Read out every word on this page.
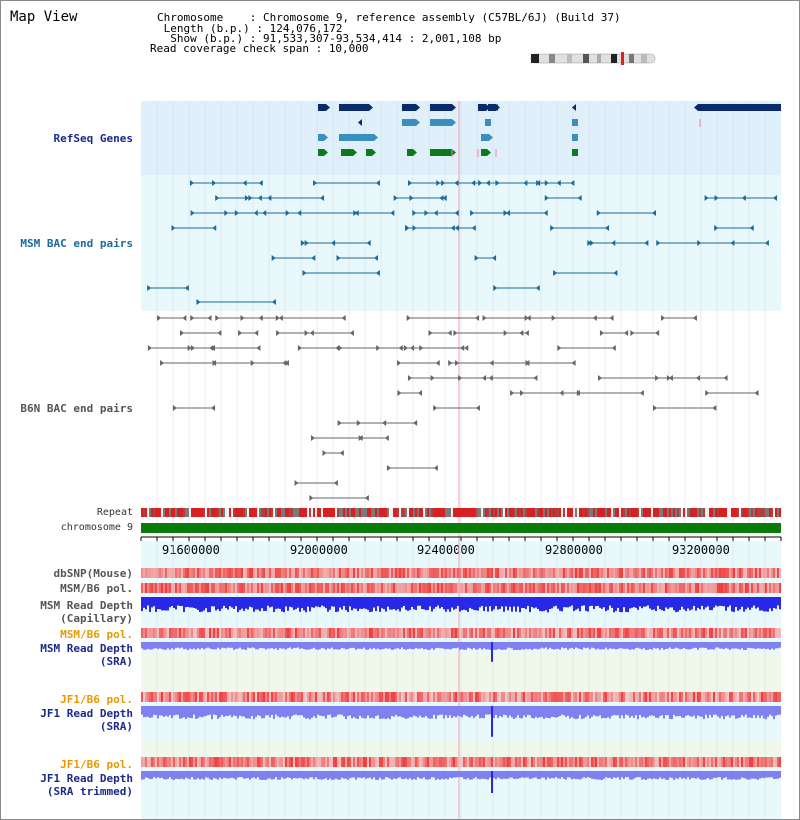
Map View	Chromosome    : Chromosome 9, reference assembly (C57BL/6J) (Build 37)
Length (b.p.) : 124,076,172
Show (b.p.) : 91,533,307-93,534,414 : 2,001,108 bp
Read coverage check span : 10,000
RefSeq Genes
MSM BAC end pairs
B6N BAC end pairs
Repeat
chromosome 9
dbSNP(Mouse)
MSM/B6 pol.
MSM Read Depth
(Capillary)
MSM/B6 pol.
MSM Read Depth
(SRA)
JF1/B6 pol.
JF1 Read Depth
(SRA)
JF1/B6 pol.
JF1 Read Depth
(SRA trimmed)
91600000	92000000	92400000	92800000	93200000
